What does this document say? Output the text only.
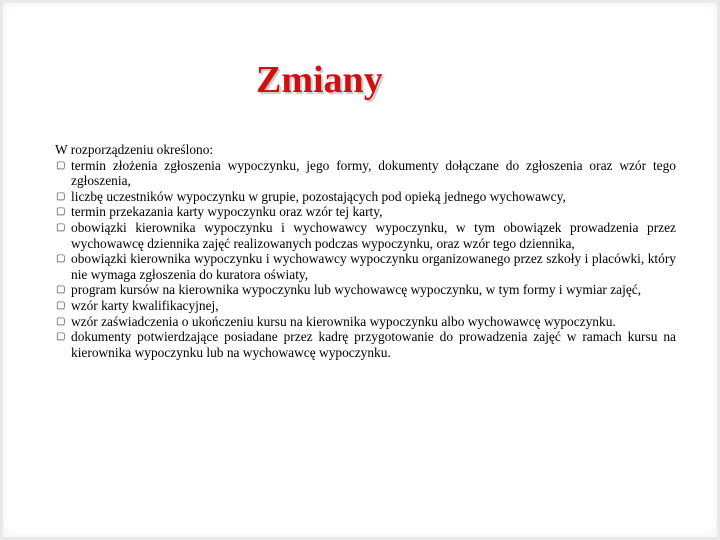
Zmiany

W rozporządzeniu określono:

▢
termin złożenia zgłoszenia wypoczynku, jego formy, dokumenty dołączane do zgłoszenia oraz wzór tego zgłoszenia,
▢
liczbę uczestników wypoczynku w grupie, pozostających pod opieką jednego wychowawcy,
▢
termin przekazania karty wypoczynku oraz wzór tej karty,
▢
obowiązki kierownika wypoczynku i wychowawcy wypoczynku, w tym obowiązek prowadzenia przez wychowawcę dziennika zajęć realizowanych podczas wypoczynku, oraz wzór tego dziennika,
▢
obowiązki kierownika wypoczynku i wychowawcy wypoczynku organizowanego przez szkoły i placówki, który nie wymaga zgłoszenia do kuratora oświaty,
▢
program kursów na kierownika wypoczynku lub wychowawcę wypoczynku, w tym formy i wymiar zajęć,
▢
wzór karty kwalifikacyjnej,
▢
wzór zaświadczenia o ukończeniu kursu na kierownika wypoczynku albo wychowawcę wypoczynku.
▢
dokumenty potwierdzające posiadane przez kadrę przygotowanie do prowadzenia zajęć w ramach kursu na kierownika wypoczynku lub na wychowawcę wypoczynku.
